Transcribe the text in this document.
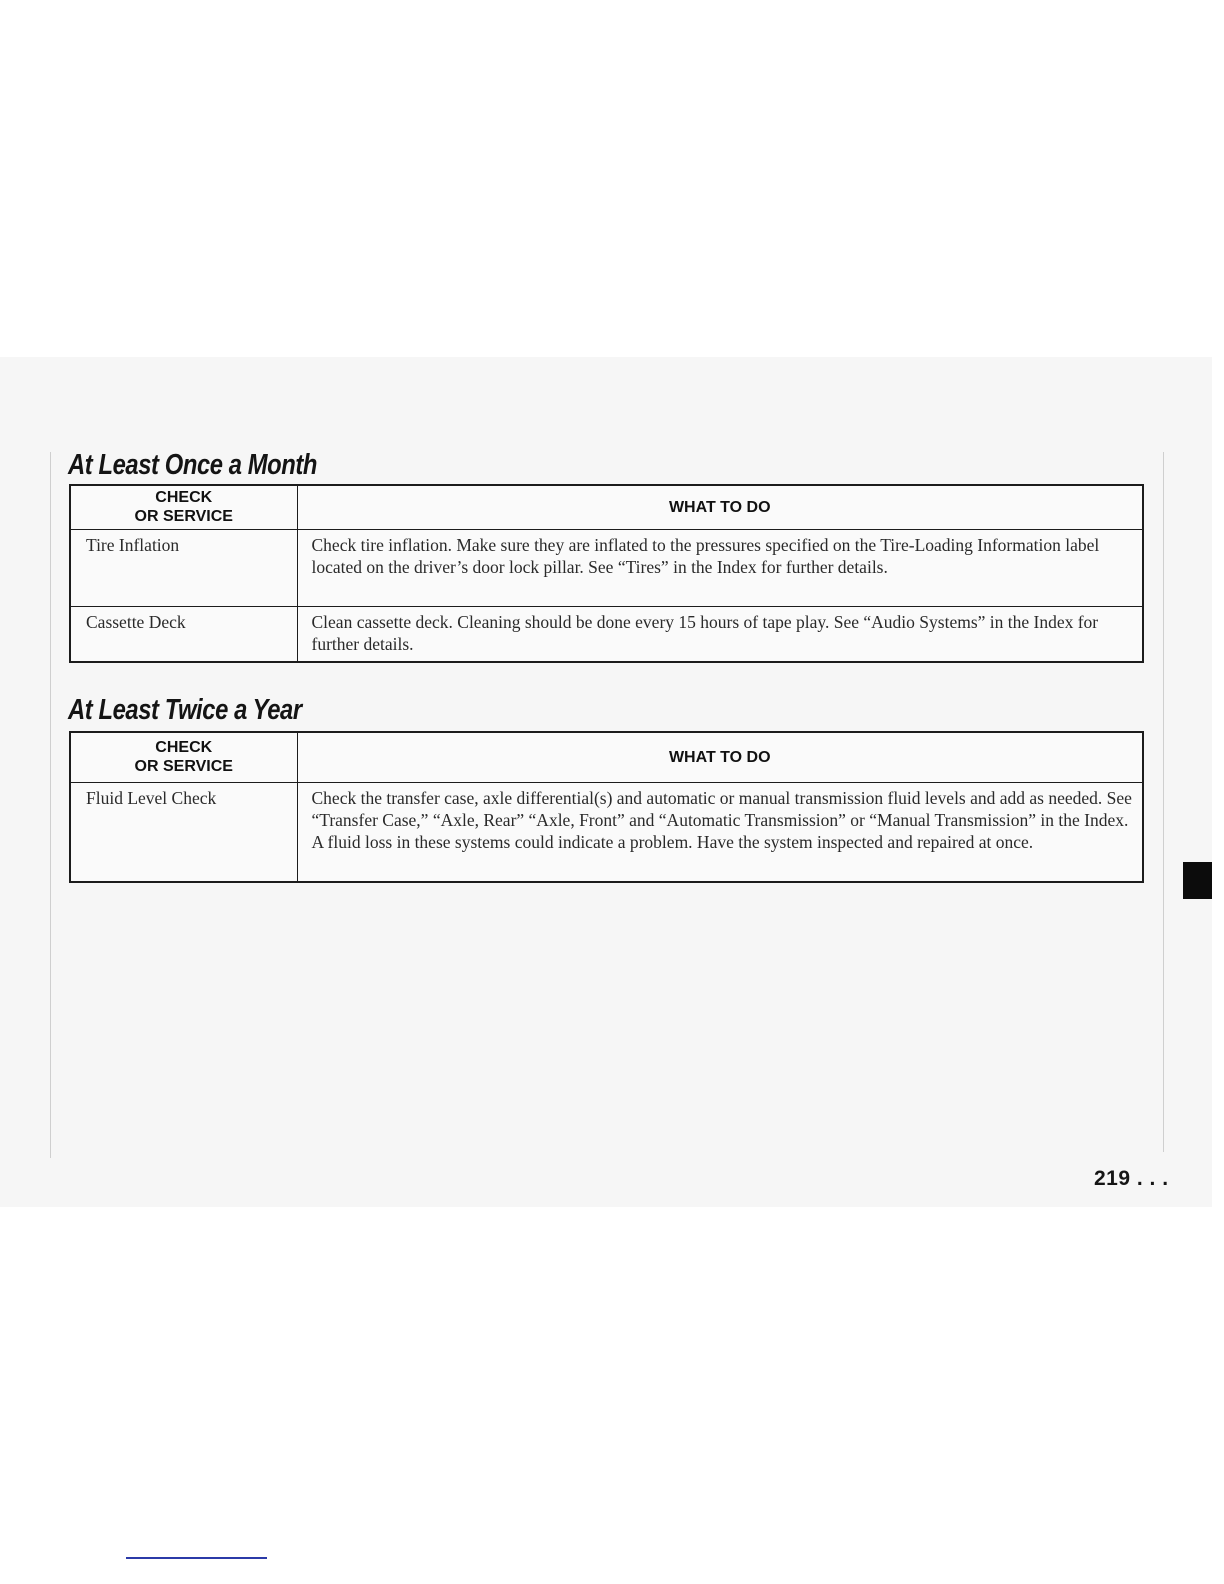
At Least Once a Month
CHECK
OR SERVICE	WHAT TO DO
Tire Inflation	Check tire inflation. Make sure they are inflated to the pressures specified on the Tire-Loading Information label located on the driver’s door lock pillar. See “Tires” in the Index for further details.
Cassette Deck	Clean cassette deck. Cleaning should be done every 15 hours of tape play. See “Audio Systems” in the Index for further details.
At Least Twice a Year
CHECK
OR SERVICE	WHAT TO DO
Fluid Level Check	Check the transfer case, axle differential(s) and automatic or manual transmission fluid levels and add as needed. See “Transfer Case,” “Axle, Rear” “Axle, Front” and “Automatic Transmission” or “Manual Transmission” in the Index. A fluid loss in these systems could indicate a problem. Have the system inspected and repaired at once.
219 . . .
